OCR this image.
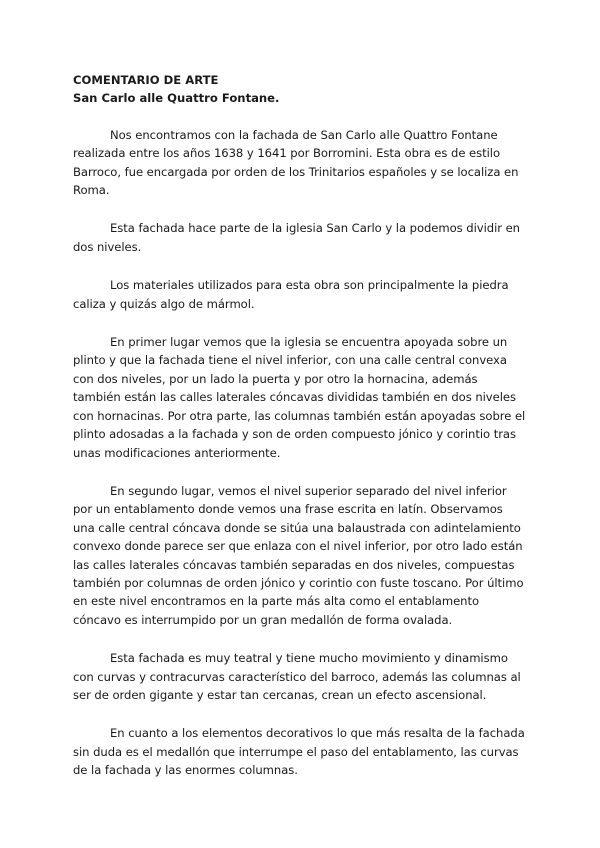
COMENTARIO DE ARTE

San Carlo alle Quattro Fontane.

Nos encontramos con la fachada de San Carlo alle Quattro Fontane realizada entre los años 1638 y 1641 por Borromini. Esta obra es de estilo Barroco, fue encargada por orden de los Trinitarios españoles y se localiza en Roma.

Esta fachada hace parte de la iglesia San Carlo y la podemos dividir en dos niveles.

Los materiales utilizados para esta obra son principalmente la piedra caliza y quizás algo de mármol.

En primer lugar vemos que la iglesia se encuentra apoyada sobre un plinto y que la fachada tiene el nivel inferior, con una calle central convexa con dos niveles, por un lado la puerta y por otro la hornacina, además también están las calles laterales cóncavas divididas también en dos niveles con hornacinas. Por otra parte, las columnas también están apoyadas sobre el plinto adosadas a la fachada y son de orden compuesto jónico y corintio tras unas modificaciones anteriormente.

En segundo lugar, vemos el nivel superior separado del nivel inferior por un entablamento donde vemos una frase escrita en latín. Observamos una calle central cóncava donde se sitúa una balaustrada con adintelamiento convexo donde parece ser que enlaza con el nivel inferior, por otro lado están las calles laterales cóncavas también separadas en dos niveles, compuestas también por columnas de orden jónico y corintio con fuste toscano. Por último en este nivel encontramos en la parte más alta como el entablamento cóncavo es interrumpido por un gran medallón de forma ovalada.

Esta fachada es muy teatral y tiene mucho movimiento y dinamismo con curvas y contracurvas característico del barroco, además las columnas al ser de orden gigante y estar tan cercanas, crean un efecto ascensional.

En cuanto a los elementos decorativos lo que más resalta de la fachada sin duda es el medallón que interrumpe el paso del entablamento, las curvas de la fachada y las enormes columnas.
